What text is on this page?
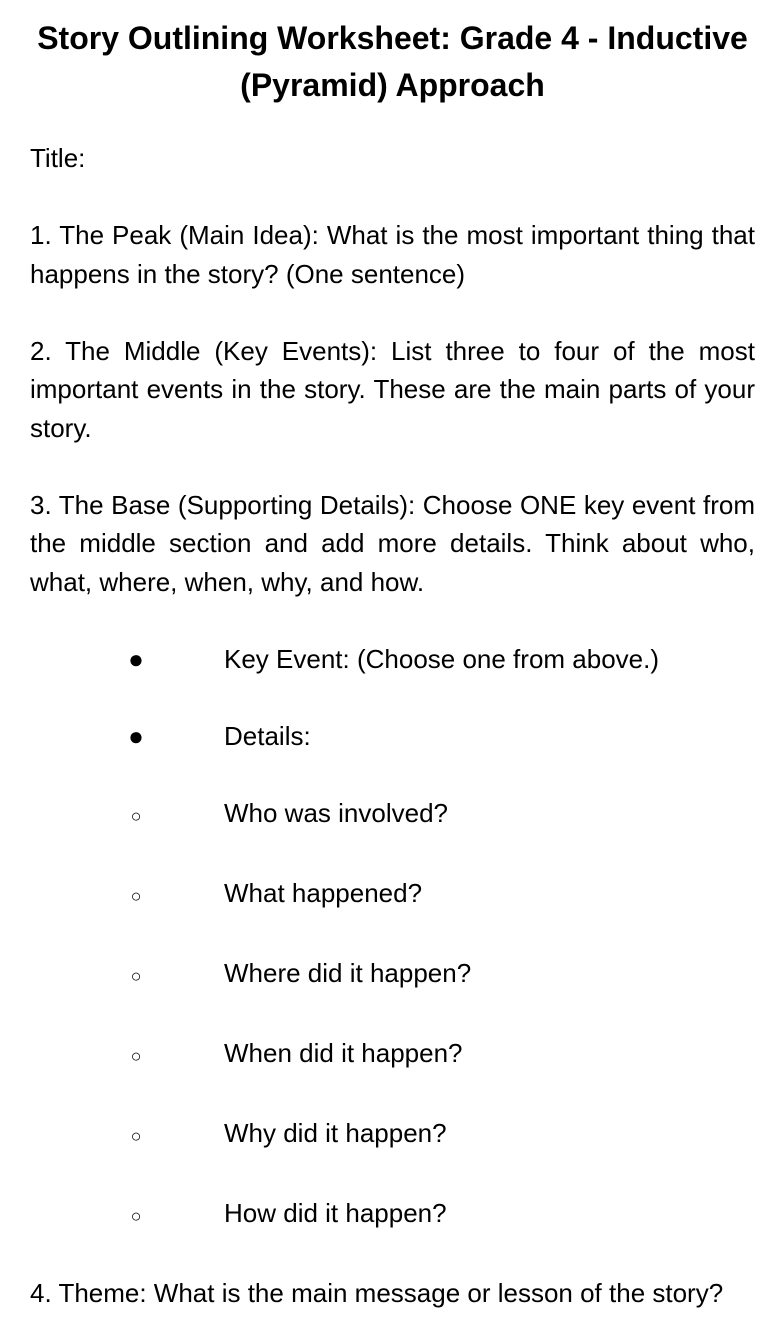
Story Outlining Worksheet: Grade 4 - Inductive (Pyramid) Approach

Title:

1. The Peak (Main Idea): What is the most important thing that happens in the story? (One sentence)

2. The Middle (Key Events): List three to four of the most important events in the story. These are the main parts of your story.

3. The Base (Supporting Details): Choose ONE key event from the middle section and add more details. Think about who, what, where, when, why, and how.

●	Key Event: (Choose one from above.)
●	Details:
○	Who was involved?
○	What happened?
○	Where did it happen?
○	When did it happen?
○	Why did it happen?
○	How did it happen?

4. Theme: What is the main message or lesson of the story?
